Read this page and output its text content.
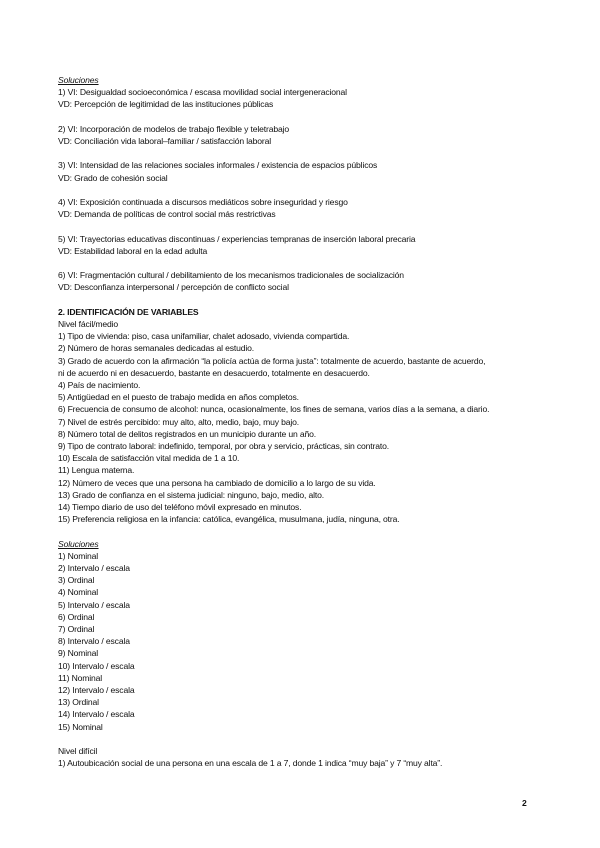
Soluciones
1) VI: Desigualdad socioeconómica / escasa movilidad social intergeneracional
VD: Percepción de legitimidad de las instituciones públicas
2) VI: Incorporación de modelos de trabajo flexible y teletrabajo
VD: Conciliación vida laboral–familiar / satisfacción laboral
3) VI: Intensidad de las relaciones sociales informales / existencia de espacios públicos
VD: Grado de cohesión social
4) VI: Exposición continuada a discursos mediáticos sobre inseguridad y riesgo
VD: Demanda de políticas de control social más restrictivas
5) VI: Trayectorias educativas discontinuas / experiencias tempranas de inserción laboral precaria
VD: Estabilidad laboral en la edad adulta
6) VI: Fragmentación cultural / debilitamiento de los mecanismos tradicionales de socialización
VD: Desconfianza interpersonal / percepción de conflicto social
2. IDENTIFICACIÓN DE VARIABLES
Nivel fácil/medio
1) Tipo de vivienda: piso, casa unifamiliar, chalet adosado, vivienda compartida.
2) Número de horas semanales dedicadas al estudio.
3) Grado de acuerdo con la afirmación “la policía actúa de forma justa”: totalmente de acuerdo, bastante de acuerdo,
ni de acuerdo ni en desacuerdo, bastante en desacuerdo, totalmente en desacuerdo.
4) País de nacimiento.
5) Antigüedad en el puesto de trabajo medida en años completos.
6) Frecuencia de consumo de alcohol: nunca, ocasionalmente, los fines de semana, varios días a la semana, a diario.
7) Nivel de estrés percibido: muy alto, alto, medio, bajo, muy bajo.
8) Número total de delitos registrados en un municipio durante un año.
9) Tipo de contrato laboral: indefinido, temporal, por obra y servicio, prácticas, sin contrato.
10) Escala de satisfacción vital medida de 1 a 10.
11) Lengua materna.
12) Número de veces que una persona ha cambiado de domicilio a lo largo de su vida.
13) Grado de confianza en el sistema judicial: ninguno, bajo, medio, alto.
14) Tiempo diario de uso del teléfono móvil expresado en minutos.
15) Preferencia religiosa en la infancia: católica, evangélica, musulmana, judía, ninguna, otra.
Soluciones
1) Nominal
2) Intervalo / escala
3) Ordinal
4) Nominal
5) Intervalo / escala
6) Ordinal
7) Ordinal
8) Intervalo / escala
9) Nominal
10) Intervalo / escala
11) Nominal
12) Intervalo / escala
13) Ordinal
14) Intervalo / escala
15) Nominal
Nivel difícil
1) Autoubicación social de una persona en una escala de 1 a 7, donde 1 indica “muy baja” y 7 “muy alta”.
2
